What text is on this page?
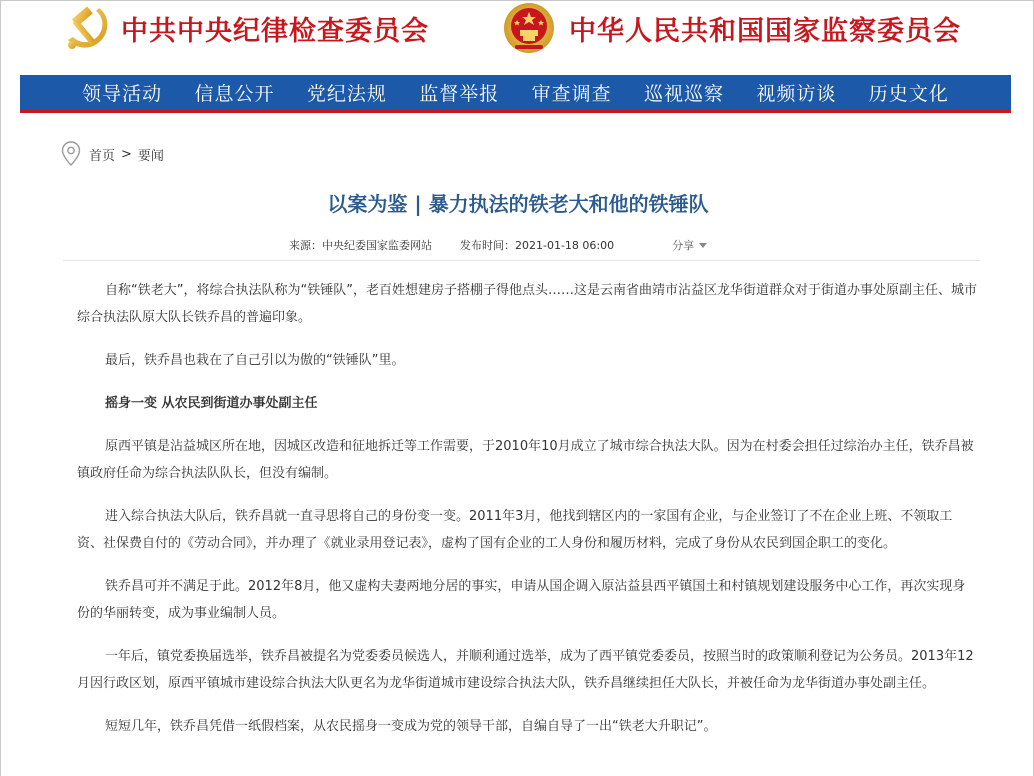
中共中央纪律检查委员会	中华人民共和国国家监察委员会
领导活动 信息公开 党纪法规 监督举报 审查调查 巡视巡察 视频访谈 历史文化
首页 > 要闻
以案为鉴 | 暴力执法的铁老大和他的铁锤队
来源：中央纪委国家监委网站	发布时间：2021-01-18 06:00	分享

自称“铁老大”，将综合执法队称为“铁锤队”，老百姓想建房子搭棚子得他点头……这是云南省曲靖市沾益区龙华街道群众对于街道办事处原副主任、城市综合执法队原大队长铁乔昌的普遍印象。

最后，铁乔昌也栽在了自己引以为傲的“铁锤队”里。

摇身一变 从农民到街道办事处副主任

原西平镇是沾益城区所在地，因城区改造和征地拆迁等工作需要，于2010年10月成立了城市综合执法大队。因为在村委会担任过综治办主任，铁乔昌被镇政府任命为综合执法队队长，但没有编制。

进入综合执法大队后，铁乔昌就一直寻思将自己的身份变一变。2011年3月，他找到辖区内的一家国有企业，与企业签订了不在企业上班、不领取工资、社保费自付的《劳动合同》，并办理了《就业录用登记表》，虚构了国有企业的工人身份和履历材料，完成了身份从农民到国企职工的变化。

铁乔昌可并不满足于此。2012年8月，他又虚构夫妻两地分居的事实，申请从国企调入原沾益县西平镇国土和村镇规划建设服务中心工作，再次实现身份的华丽转变，成为事业编制人员。

一年后，镇党委换届选举，铁乔昌被提名为党委委员候选人，并顺利通过选举，成为了西平镇党委委员，按照当时的政策顺利登记为公务员。2013年12月因行政区划，原西平镇城市建设综合执法大队更名为龙华街道城市建设综合执法大队，铁乔昌继续担任大队长，并被任命为龙华街道办事处副主任。

短短几年，铁乔昌凭借一纸假档案，从农民摇身一变成为党的领导干部，自编自导了一出“铁老大升职记”。
